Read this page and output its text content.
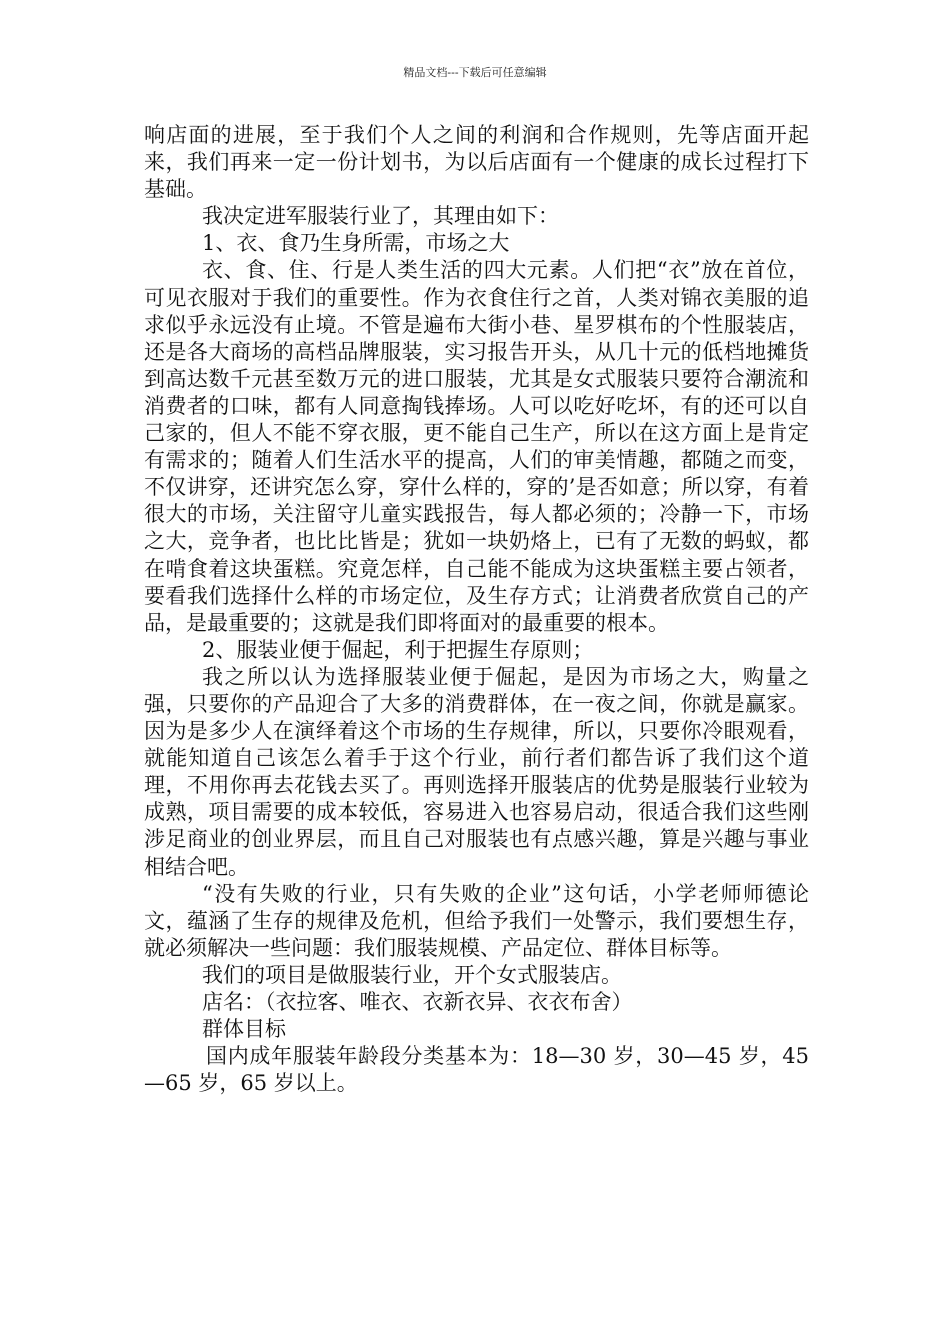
精品文档---下载后可任意编辑

响店面的进展，至于我们个人之间的利润和合作规则，先等店面开起来，我们再来一定一份计划书，为以后店面有一个健康的成长过程打下基础。

我决定进军服装行业了，其理由如下：

1、衣、食乃生身所需，市场之大

衣、食、住、行是人类生活的四大元素。人们把“衣”放在首位，可见衣服对于我们的重要性。作为衣食住行之首，人类对锦衣美服的追求似乎永远没有止境。不管是遍布大街小巷、星罗棋布的个性服装店，还是各大商场的高档品牌服装，实习报告开头，从几十元的低档地摊货到高达数千元甚至数万元的进口服装，尤其是女式服装只要符合潮流和消费者的口味，都有人同意掏钱捧场。人可以吃好吃坏，有的还可以自己家的，但人不能不穿衣服，更不能自己生产，所以在这方面上是肯定有需求的；随着人们生活水平的提高，人们的审美情趣，都随之而变，不仅讲穿，还讲究怎么穿，穿什么样的，穿的’是否如意；所以穿，有着很大的市场，关注留守儿童实践报告，每人都必须的；冷静一下，市场之大，竞争者，也比比皆是；犹如一块奶烙上，已有了无数的蚂蚁，都在啃食着这块蛋糕。究竟怎样，自己能不能成为这块蛋糕主要占领者，要看我们选择什么样的市场定位，及生存方式；让消费者欣赏自己的产品，是最重要的；这就是我们即将面对的最重要的根本。

2、服装业便于倔起，利于把握生存原则；

我之所以认为选择服装业便于倔起，是因为市场之大，购量之强，只要你的产品迎合了大多的消费群体，在一夜之间，你就是赢家。因为是多少人在演绎着这个市场的生存规律，所以，只要你冷眼观看，就能知道自己该怎么着手于这个行业，前行者们都告诉了我们这个道理，不用你再去花钱去买了。再则选择开服装店的优势是服装行业较为成熟，项目需要的成本较低，容易进入也容易启动，很适合我们这些刚涉足商业的创业界层，而且自己对服装也有点感兴趣，算是兴趣与事业相结合吧。

“没有失败的行业，只有失败的企业”这句话，小学老师师德论文，蕴涵了生存的规律及危机，但给予我们一处警示，我们要想生存，就必须解决一些问题：我们服装规模、产品定位、群体目标等。

我们的项目是做服装行业，开个女式服装店。

店名：（衣拉客、唯衣、衣新衣异、衣衣布舍）

群体目标

国内成年服装年龄段分类基本为：18—30 岁，30—45 岁，45—65 岁，65 岁以上。
